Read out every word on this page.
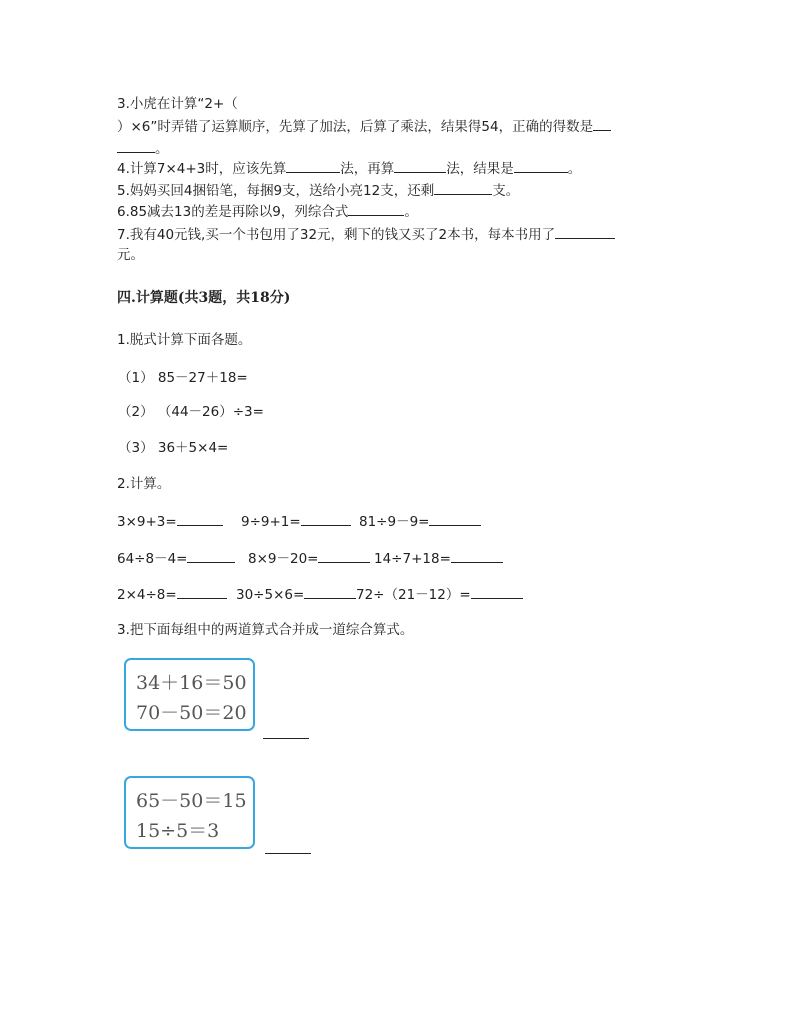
3.小虎在计算“2+（
）×6”时弄错了运算顺序，先算了加法，后算了乘法，结果得54，正确的得数是
。
4.计算7×4+3时，应该先算	法，再算	法，结果是	。
5.妈妈买回4捆铅笔，每捆9支，送给小亮12支，还剩	支。
6.85减去13的差是再除以9，列综合式	。
7.我有40元钱,买一个书包用了32元，剩下的钱又买了2本书，每本书用了
元。
四.计算题(共3题，共18分)
1.脱式计算下面各题。
（1） 85－27＋18=
（2） （44－26）÷3=
（3） 36＋5×4=
2.计算。
3×9+3=	9÷9+1=	81÷9－9=
64÷8－4=	8×9－20=	14÷7+18=
2×4÷8=	30÷5×6=	72÷（21－12）=
3.把下面每组中的两道算式合并成一道综合算式。
34＋16＝50
70－50＝20
65－50＝15
15÷5＝3
